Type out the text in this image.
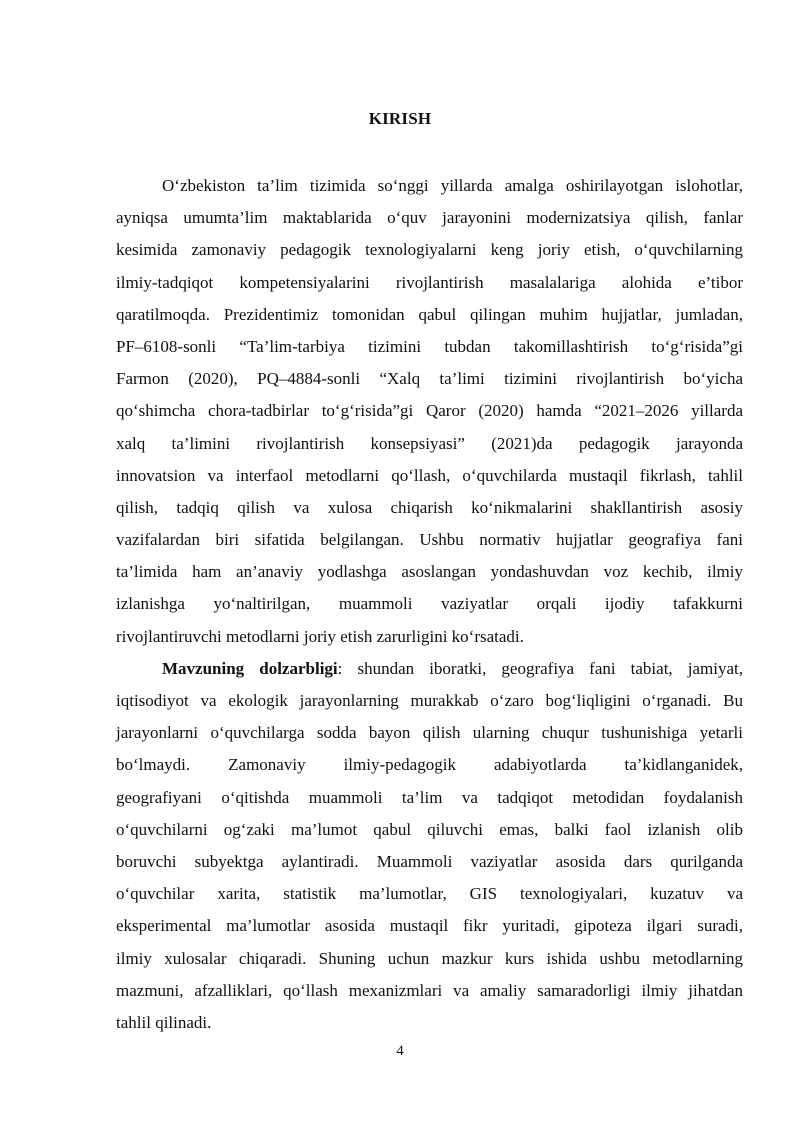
KIRISH
O‘zbekiston ta’lim tizimida so‘nggi yillarda amalga oshirilayotgan islohotlar,
ayniqsa umumta’lim maktablarida o‘quv jarayonini modernizatsiya qilish, fanlar
kesimida zamonaviy pedagogik texnologiyalarni keng joriy etish, o‘quvchilarning
ilmiy-tadqiqot kompetensiyalarini rivojlantirish masalalariga alohida e’tibor
qaratilmoqda. Prezidentimiz tomonidan qabul qilingan muhim hujjatlar, jumladan,
PF–6108-sonli “Ta’lim-tarbiya tizimini tubdan takomillashtirish to‘g‘risida”gi
Farmon (2020), PQ–4884-sonli “Xalq ta’limi tizimini rivojlantirish bo‘yicha
qo‘shimcha chora-tadbirlar to‘g‘risida”gi Qaror (2020) hamda “2021–2026 yillarda
xalq ta’limini rivojlantirish konsepsiyasi” (2021)da pedagogik jarayonda
innovatsion va interfaol metodlarni qo‘llash, o‘quvchilarda mustaqil fikrlash, tahlil
qilish, tadqiq qilish va xulosa chiqarish ko‘nikmalarini shakllantirish asosiy
vazifalardan biri sifatida belgilangan. Ushbu normativ hujjatlar geografiya fani
ta’limida ham an’anaviy yodlashga asoslangan yondashuvdan voz kechib, ilmiy
izlanishga yo‘naltirilgan, muammoli vaziyatlar orqali ijodiy tafakkurni
rivojlantiruvchi metodlarni joriy etish zarurligini ko‘rsatadi.
Mavzuning dolzarbligi: shundan iboratki, geografiya fani tabiat, jamiyat,
iqtisodiyot va ekologik jarayonlarning murakkab o‘zaro bog‘liqligini o‘rganadi. Bu
jarayonlarni o‘quvchilarga sodda bayon qilish ularning chuqur tushunishiga yetarli
bo‘lmaydi. Zamonaviy ilmiy-pedagogik adabiyotlarda ta’kidlanganidek,
geografiyani o‘qitishda muammoli ta’lim va tadqiqot metodidan foydalanish
o‘quvchilarni og‘zaki ma’lumot qabul qiluvchi emas, balki faol izlanish olib
boruvchi subyektga aylantiradi. Muammoli vaziyatlar asosida dars qurilganda
o‘quvchilar xarita, statistik ma’lumotlar, GIS texnologiyalari, kuzatuv va
eksperimental ma’lumotlar asosida mustaqil fikr yuritadi, gipoteza ilgari suradi,
ilmiy xulosalar chiqaradi. Shuning uchun mazkur kurs ishida ushbu metodlarning
mazmuni, afzalliklari, qo‘llash mexanizmlari va amaliy samaradorligi ilmiy jihatdan
tahlil qilinadi.
4
